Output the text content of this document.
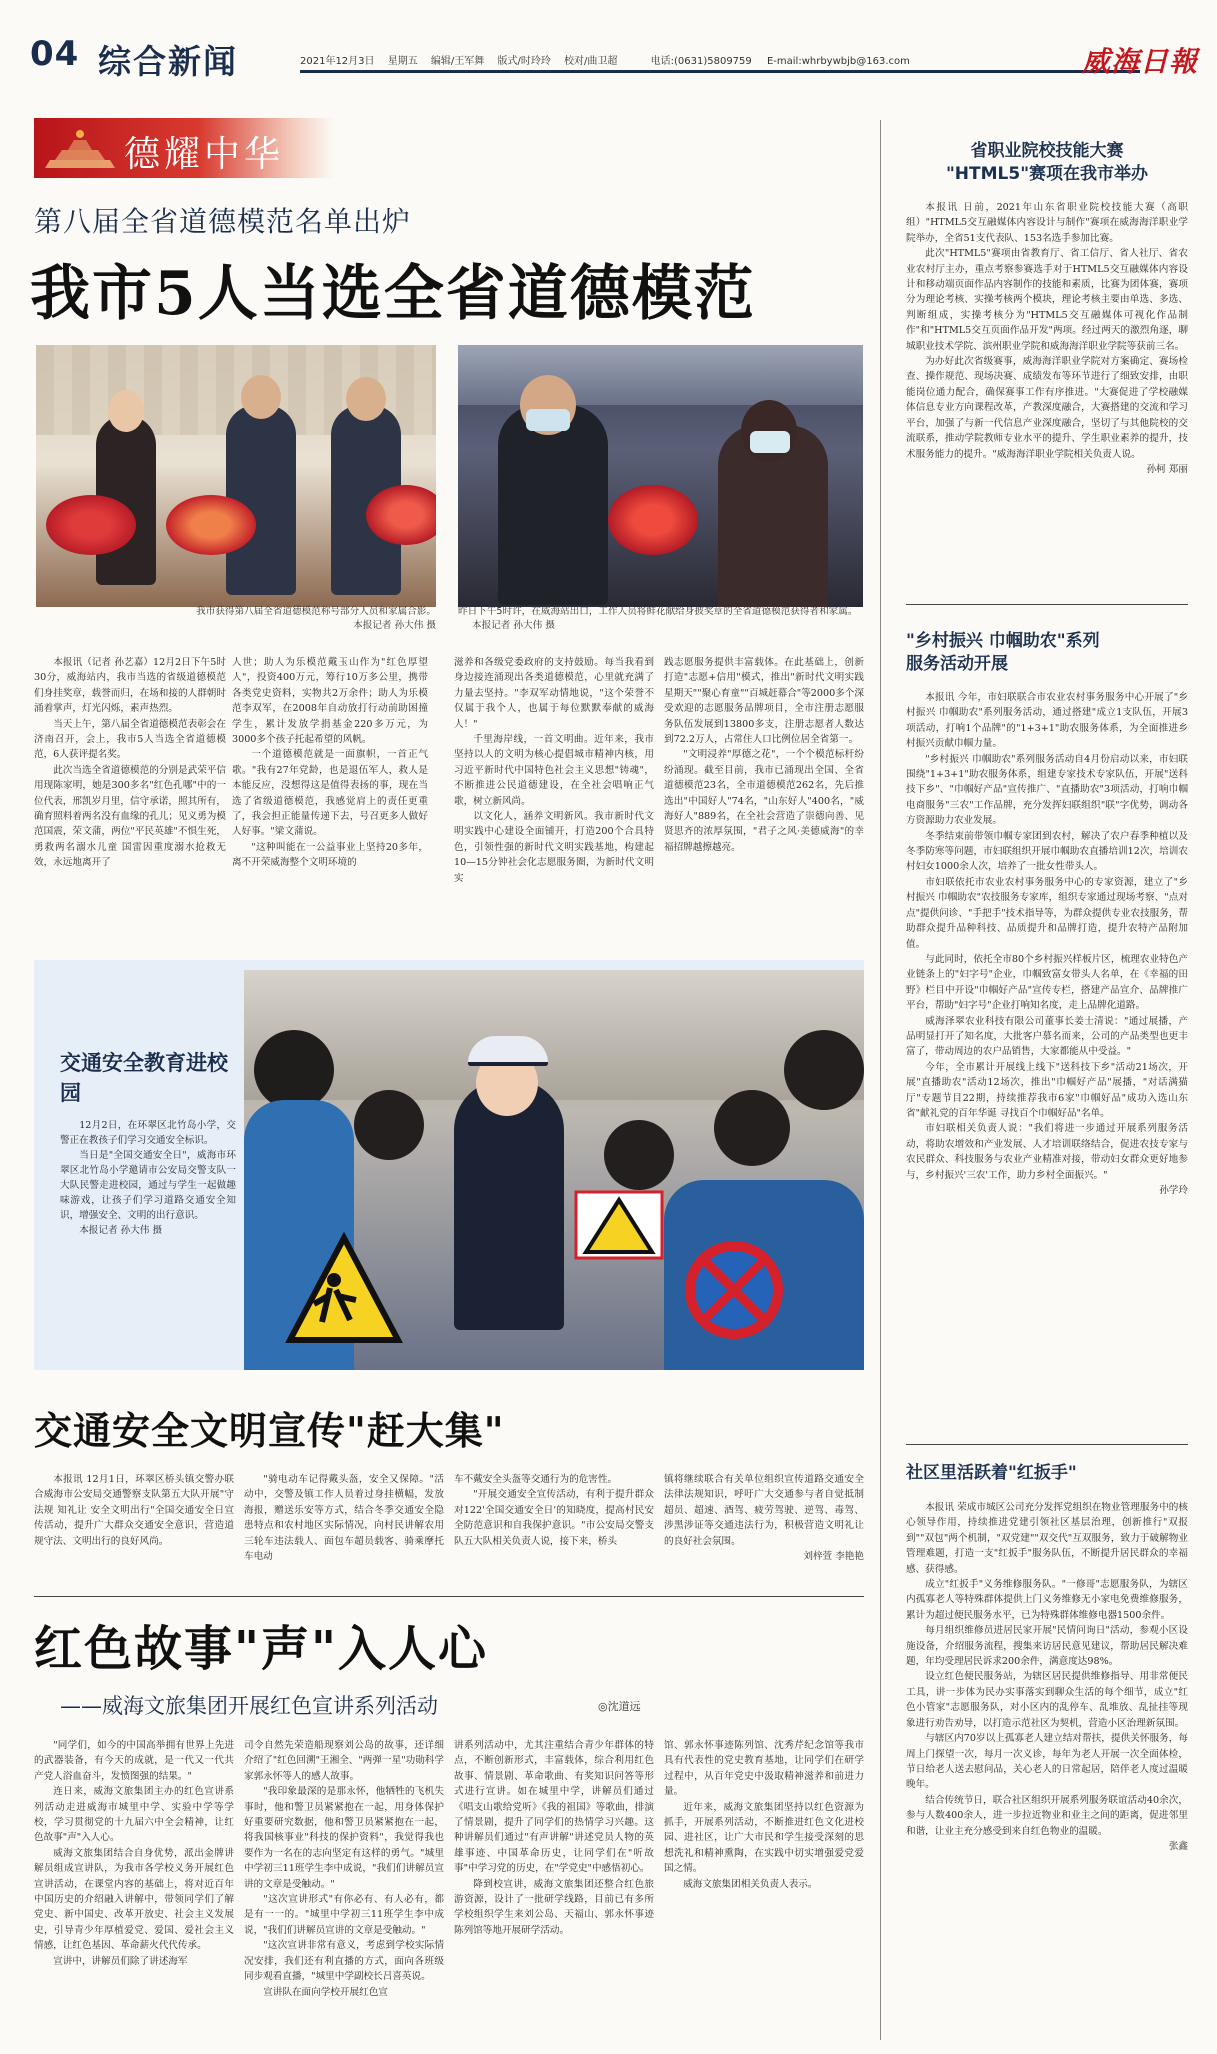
04 综合新闻	2021年12月3日 星期五 编辑/王军舞 版式/时玲玲 校对/曲卫超	电话:(0631)5809759 E-mail:whrbywbjb@163.com	威海日報
德耀中华
第八届全省道德模范名单出炉
我市5人当选全省道德模范
我市获得第八届全省道德模范称号部分人员和家属合影。
本报记者 孙大伟 摄
昨日下午5时许，在威海站出口，工作人员将鲜花献给身披奖章的全省道德模范获得者和家属。 本报记者 孙大伟 摄

本报讯（记者 孙艺嘉）12月2日下午5时30分，威海站内，我市当选的省级道德模范们身挂奖章，载誉而归，在场和接的人群朝时涌着掌声，灯光闪烁，素声热烈。

当天上午，第八届全省道德模范表彰会在济南召开，会上，我市5人当选全省道德模范，6人获评提名奖。

此次当选全省道德模范的分别是武荣平信用现陈家明，她是300多名"红色孔哪"中的一位代表，邢凯岁月里，信守承诺，照其所有，确育照料着两名没有血缘的孔儿；见义勇为模范国震，荣文蒲，两位"平民英雄"不惧生死，勇救两名溺水儿童 国雷因重度溺水抢救无效，永远地离开了

人世；助人为乐模范戴玉山作为"红色厚望人"，投资400万元，筹行10万多公里，携带各类党史资料，实物共2万余件；助人为乐模范李双军，在2008年自动放打行动前助困撞学生，累计发放学捐基金220多万元，为3000多个孩子托起希望的风帆。

一个道德模范就是一面旗帜，一首正气歌。"我有27年党龄，也是退伍军人，救人是本能反应，没想得这是值得表扬的事，现在当选了省级道德模范，我感觉肩上的责任更重了，我会担正能量传递下去，号召更多人做好人好事。"梁文蒲说。

"这种叫能在一公益事业上坚持20多年，离不开荣威海整个文明环境的

滋养和各级党委政府的支持鼓励。每当我看到身边接连涌现出各类道德模范，心里就充满了力量去坚持。"李双军动情地说，"这个荣誉不仅属于我个人，也属于每位默默奉献的威海人！"

千里海岸线，一首文明曲。近年来，我市坚持以人的文明为核心提倡城市精神内核，用习近平新时代中国特色社会主义思想"铸魂"，不断推进公民道德建设，在全社会唱响正气歌，树立新风尚。

以文化人，涵养文明新风。我市新时代文明实践中心建设全面铺开，打造200个合具特色，引领性强的新时代文明实践基地，构建起10—15分钟社会化志愿服务圈，为新时代文明实

践志愿服务提供丰富载体。在此基础上，创新打造"志愿+信用"模式，推出"新时代文明实践星期天""聚心育童""百城赶幕合"等2000多个深受欢迎的志愿服务品牌项目，全市注册志愿服务队伍发展到13800多支，注册志愿者人数达到72.2万人，占常住人口比例位居全省第一。

"文明浸养"厚德之花"，一个个模范标杆纷纷涌现。截至目前，我市已涌现出全国、全省道德模范23名，全市道德模范262名，先后推选出"中国好人"74名，"山东好人"400名，"威海好人"889名，在全社会营造了崇德向善、见贤思齐的浓厚氛围，"君子之风·美德威海"的幸福招牌越擦越亮。

交通安全教育进校园

12月2日，在环翠区北竹岛小学，交警正在教孩子们学习交通安全标识。

当日是"全国交通安全日"，威海市环翠区北竹岛小学邀请市公安局交警支队一大队民警走进校园，通过与学生一起做趣味游戏，让孩子们学习道路交通安全知识，增强安全、文明的出行意识。

本报记者 孙大伟 摄

交通安全文明宣传"赶大集"

本报讯 12月1日，环翠区桥头镇交警办联合威海市公安局交通警察支队第五大队开展"守法规 知礼让 安全文明出行"全国交通安全日宣传活动，提升广大群众交通安全意识，营造道规守法、文明出行的良好风尚。

"骑电动车记得戴头盔，安全又保障。"活动中，交警及镇工作人员着过身挂横幅，发放海报，赠送乐安等方式，结合冬季交通安全隐患特点和农村地区实际情况，向村民讲解农用三轮车违法载人、面包车超员载客、骑乘摩托车电动

车不戴安全头盔等交通行为的危害性。

"开展交通安全宣传活动，有利于提升群众对122'全国交通安全日'的知晓度，提高村民安全防范意识和自我保护意识。"市公安局交警支队五大队相关负责人说，接下来，桥头

镇将继续联合有关单位组织宣传道路交通安全法律法规知识，呼吁广大交通参与者自觉抵制超员、超速、酒驾、疲劳驾驶、逆驾、毒驾、涉黑涉证等交通违法行为，积极营造文明礼让的良好社会氛围。

刘梓萱 李艳艳

红色故事"声"入人心
——威海文旅集团开展红色宣讲系列活动	◎沈道远

"同学们，如今的中国高举拥有世界上先进的武器装备，有今天的成就，是一代又一代共产党人浴血奋斗，发愤图强的结果。"

连日来，威海文旅集团主办的红色宣讲系列活动走进威海市城里中学、实验中学等学校，学习贯彻党的十九届六中全会精神，让红色故事"声"入人心。

威海文旅集团结合自身优势，派出金牌讲解员组成宣讲队，为我市各学校义务开展红色宣讲活动，在课堂内容的基础上，将对近百年中国历史的介绍融入讲解中，带领同学们了解党史、新中国史、改革开放史、社会主义发展史，引导青少年厚植爱党、爱国、爱社会主义情感，让红色基因、革命薪火代代传承。

宣讲中，讲解员们除了讲述海军

司令自然先荣造船现察刘公岛的故事，还详细介绍了"红色回溯"王湘全、"两弹一星"功勋科学家郭永怀等人的感人故事。

"我印象最深的是那永怀，他牺牲的飞机失事时，他和警卫员紧紧抱在一起，用身体保护好重要研究数据，他和警卫员紧紧抱在一起，将我国核事业"科技的保护资料"，我觉得我也要作为一名在的志向坚定有这样的勇气。"城里中学初三11班学生李中成说，"我们们讲解员宣讲的文章是受触动。"

"这次宣讲形式"有你必有、有人必有，都是有一一的。"城里中学初三11班学生李中成说，"我们们讲解员宣讲的文章是受触动。"

"这次宣讲非常有意义，考虑到学校实际情况安排，我们还有利直播的方式，面向各班级同步观看直播，"城里中学副校长吕喜英说。

宣讲队在面向学校开展红色宣

讲系列活动中，尤其注重结合青少年群体的特点，不断创新形式，丰富载体，综合利用红色故事、情景剧、革命歌曲、有奖知识问答等形式进行宣讲。如在城里中学，讲解员们通过《唱支山歌给党听》《我的祖国》等歌曲，排演了情景剧，提升了同学们的热情学习兴趣。这种讲解员们通过"有声讲解"讲述党员人物的英雄事迹、中国革命历史，让同学们在"听故事"中学习党的历史，在"学党史"中感悟初心。

降到校宣讲，威海文旅集团还整合红色旅游资源，设计了一批研学线路，目前已有多所学校组织学生来刘公岛、天福山、郭永怀事迹陈列馆等地开展研学活动。

馆、郭永怀事迹陈列馆、沈秀芹纪念馆等我市具有代表性的党史教育基地，让同学们在研学过程中，从百年党史中汲取精神滋养和前进力量。

近年来，威海文旅集团坚持以红色资源为抓手，开展系列活动，不断推进红色文化进校园、进社区，让广大市民和学生接受深刻的思想洗礼和精神熏陶，在实践中切实增强爱党爱国之情。

威海文旅集团相关负责人表示。

省职业院校技能大赛
"HTML5"赛项在我市举办

本报讯 日前，2021年山东省职业院校技能大赛（高职组）"HTML5交互融媒体内容设计与制作"赛项在威海海洋职业学院举办，全省51支代表队、153名选手参加比赛。

此次"HTML5"赛项由省教育厅、省工信厅、省人社厅、省农业农村厅主办，重点考察参赛选手对于HTML5交互融媒体内容设计和移动端页面作品内容制作的技能和素质，比赛为团体赛，赛项分为理论考核、实操考核两个模块，理论考核主要由单选、多选、判断组成，实操考核分为"HTML5交互融媒体可视化作品制作"和"HTML5交互页面作品开发"两项。经过两天的激烈角逐，聊城职业技术学院、滨州职业学院和威海海洋职业学院等获前三名。

为办好此次省级赛事，威海海洋职业学院对方案确定、赛场检查、操作规范、现场决赛、成绩发布等环节进行了细致安排，由职能岗位通力配合，确保赛事工作有序推进。"大赛促进了学校融媒体信息专业方向课程改革，产教深度融合，大赛搭建的交流和学习平台，加强了与新一代信息产业深度融合，坚切了与其他院校的交流联系，推动学院教师专业水平的提升、学生职业素养的提升，技术服务能力的提升。"威海海洋职业学院相关负责人说。

孙柯 郑丽

"乡村振兴 巾帼助农"系列
服务活动开展

本报讯 今年，市妇联联合市农业农村事务服务中心开展了"乡村振兴 巾帼助农"系列服务活动，通过搭建"成立1支队伍，开展3项活动，打响1个品牌"的"1+3+1"助农服务体系，为全面推进乡村振兴贡献巾帼力量。

"乡村振兴 巾帼助农"系列服务活动自4月份启动以来，市妇联围绕"1+3+1"助农服务体系，组建专家技术专家队伍，开展"送科技下乡"、"巾帼好产品"宣传推广、"直播助农"3项活动，打响巾帼电商服务"三农"工作品牌，充分发挥妇联组织"联"字优势，调动各方资源助力农业发展。

冬季结束前带领巾帼专家团到农村，解决了农户春季种植以及冬季防寒等问题，市妇联组织开展巾帼助农直播培训12次，培训农村妇女1000余人次，培养了一批女性带头人。

市妇联依托市农业农村事务服务中心的专家资源，建立了"乡村振兴 巾帼助农"农技服务专家库，组织专家通过现场考察、"点对点"提供问诊、"手把手"技术指导等，为群众提供专业农技服务，帮助群众提升品种科技、品质提升和品牌打造，提升农特产品附加值。

与此同时，依托全市80个乡村振兴样板片区，梳理农业特色产业链条上的"妇字号"企业，巾帼致富女带头人名单，在《幸福的田野》栏目中开设"巾帼好产品"宣传专栏，搭建产品宣介、品牌推广平台，帮助"妇字号"企业打响知名度，走上品牌化道路。

威海泽翠农业科技有限公司董事长姜士清说："通过展播，产品明显打开了知名度，大批客户慕名而来，公司的产品类型也更丰富了，带动周边的农户品销售，大家都能从中受益。"

今年，全市累计开展线上线下"送科技下乡"活动21场次，开展"直播助农"活动12场次，推出"巾帼好产品"展播，"对话满猫厅"专题节目22期，持续推荐我市6家"巾帼好品"成功入选山东省"献礼党的百年华诞 寻找百个巾帼好品"名单。

市妇联相关负责人说："我们将进一步通过开展系列服务活动，将助农增效和产业发展、人才培训联络结合，促进农技专家与农民群众、科技服务与农业产业精准对接，带动妇女群众更好地参与，乡村振兴'三农'工作，助力乡村全面振兴。"

孙学玲

社区里活跃着"红扳手"

本报讯 荣成市城区公司充分发挥党组织在物业管理服务中的核心领导作用，持续推进党建引领社区基层治理，创新推行"双报到""双包"两个机制，"双党建""双交代"互双服务，致力于破解物业管理难题，打造一支"红扳手"服务队伍，不断提升居民群众的幸福感、获得感。

成立"红扳手"义务维修服务队。"一修哥"志愿服务队，为辖区内孤寡老人等特殊群体提供上门义务维修无小家电免费维修服务，累计为超过便民服务水平，已为特殊群体维修电器1500余件。

每月组织维修员进居民家开展"民情问询日"活动，参观小区设施设备，介绍服务流程，搜集来访居民意见建议，帮助居民解决难题，年均受理居民诉求200余件，满意度达98%。

设立红色便民服务站，为辖区居民提供维修指导、用非常便民工具，讲一步体为民办实事落实到聊众生活的每个细节，成立"红色小管家"志愿服务队，对小区内的乱停车、乱堆放、乱扯挂等现象进行劝告劝导，以打造示范社区为契机，营造小区治理新氛围。

与辖区内70岁以上孤寡老人建立结对帮扶，提供关怀服务，每周上门探望一次，每月一次义诊，每年为老人开展一次全面体检，节日给老人送去慰问品，关心老人的日常起居，陪伴老人度过温暖晚年。

结合传统节日，联合社区组织开展系列服务联谊活动40余次，参与人数400余人，进一步拉近物业和业主之间的距离，促进邻里和谐，让业主充分感受到来自红色物业的温暖。

张鑫
